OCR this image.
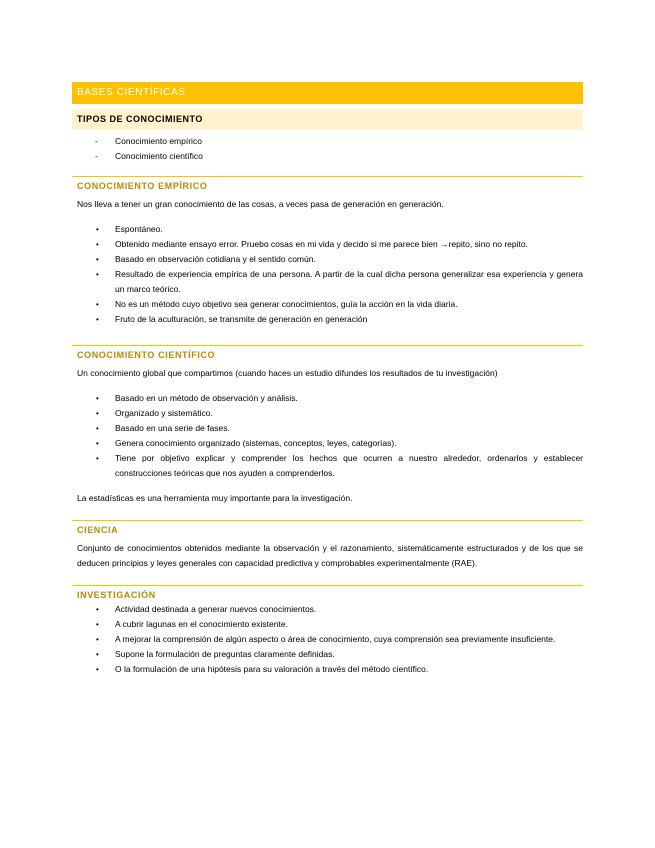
BASES CIENTÍFICAS
TIPOS DE CONOCIMIENTO
- Conocimiento empírico
- Conocimiento científico
CONOCIMIENTO EMPÍRICO

Nos lleva a tener un gran conocimiento de las cosas, a veces pasa de generación en generación.

• Espontáneo.
• Obtenido mediante ensayo error. Pruebo cosas en mi vida y decido si me parece bien →repito, sino no repito.
• Basado en observación cotidiana y el sentido común.
• Resultado de experiencia empírica de una persona. A partir de la cual dicha persona generalizar esa experiencia y genera un marco teórico.
• No es un método cuyo objetivo sea generar conocimientos, guía la acción en la vida diaria.
• Fruto de la aculturación, se transmite de generación en generación
CONOCIMIENTO CIENTÍFICO

Un conocimiento global que compartimos (cuando haces un estudio difundes los resultados de tu investigación)

• Basado en un método de observación y análisis.
• Organizado y sistemático.
• Basado en una serie de fases.
• Genera conocimiento organizado (sistemas, conceptos, leyes, categorías).
• Tiene por objetivo explicar y comprender los hechos que ocurren a nuestro alrededor, ordenarlos y establecer construcciones teóricas que nos ayuden a comprenderlos.

La estadísticas es una herramienta muy importante para la investigación.

CIENCIA

Conjunto de conocimientos obtenidos mediante la observación y el razonamiento, sistemáticamente estructurados y de los que se deducen principios y leyes generales con capacidad predictiva y comprobables experimentalmente (RAE).

INVESTIGACIÓN
• Actividad destinada a generar nuevos conocimientos.
• A cubrir lagunas en el conocimiento existente.
• A mejorar la comprensión de algún aspecto o área de conocimiento, cuya comprensión sea previamente insuficiente.
• Supone la formulación de preguntas claramente definidas.
• O la formulación de una hipótesis para su valoración a través del método científico.
